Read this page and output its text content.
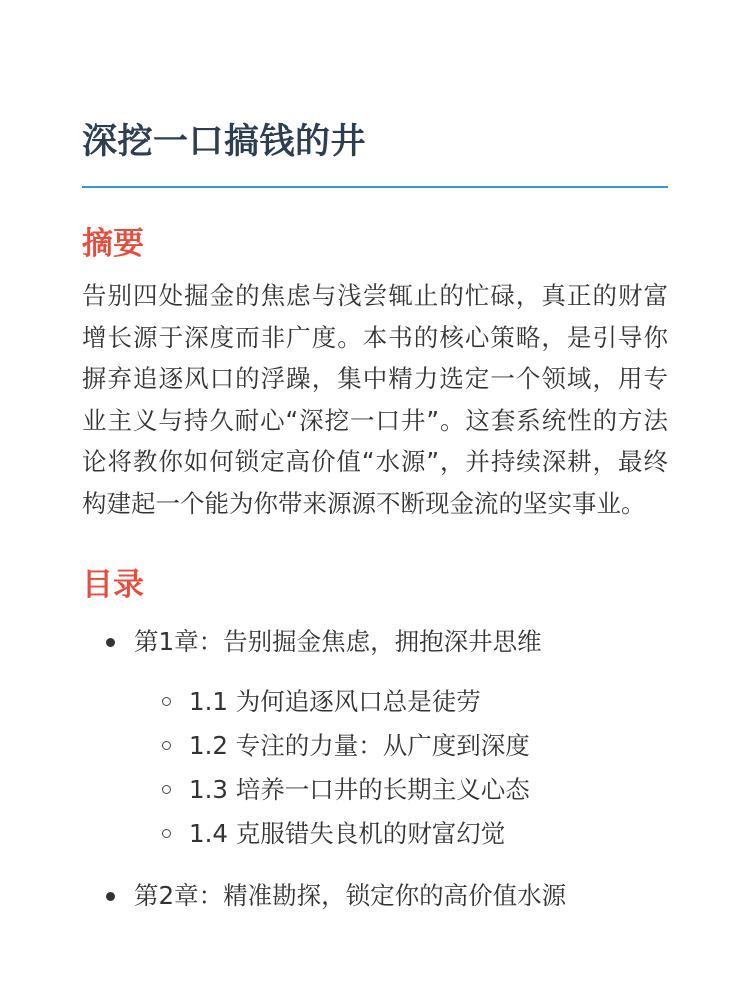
深挖一口搞钱的井
摘要

告别四处掘金的焦虑与浅尝辄止的忙碌，真正的财富增长源于深度而非广度。本书的核心策略，是引导你摒弃追逐风口的浮躁，集中精力选定一个领域，用专业主义与持久耐心“深挖一口井”。这套系统性的方法论将教你如何锁定高价值“水源”，并持续深耕，最终构建起一个能为你带来源源不断现金流的坚实事业。

目录
第1章：告别掘金焦虑，拥抱深井思维
1.1 为何追逐风口总是徒劳
1.2 专注的力量：从广度到深度
1.3 培养一口井的长期主义心态
1.4 克服错失良机的财富幻觉
第2章：精准勘探，锁定你的高价值水源
